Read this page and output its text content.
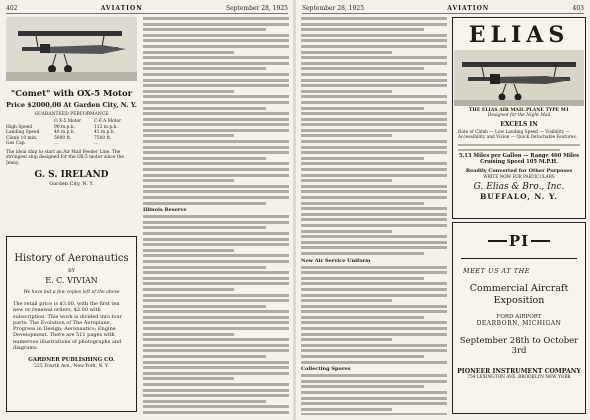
402	AVIATION	September 28, 1925
"Comet" with OX-5 Motor
Price $2000.00 At Garden City, N. Y.
GUARANTEED PERFORMANCE
O X-5 Motor	C-6 A Motor
High Speed	90 m.p.h.	112 m.p.h.
Landing Speed	40 m.p.h.	41 m.p.h.
Climb 10 min.	5000 ft.	7500 ft.
Gas Cap.	...	...
The ideal ship to start an Air Mail Feeder Line. The strongest ship designed for the OX-5 motor since the Jenny.
G. S. IRELAND
Garden City, N. Y.
History of Aeronautics
BY
E. C. VIVIAN
We have but a few copies left of the above
The retail price is $3.00, with the first ten new or renewal orders, $2.00 with subscription. This work is divided into four parts: The Evolution of The Aeroplane, Progress in Design; Aeronautics; Engine Development. There are 511 pages with numerous illustrations of photographs and diagrams.
GARDNER PUBLISHING CO.
225 Fourth Ave., New York, N. Y.
Illinois Reserve
September 28, 1925	AVIATION	403
New Air Service Uniform
Collecting Spores
ELIAS
THE ELIAS AIR MAIL PLANE TYPE M1
Designed for the Night Mail
EXCELS IN
Rate of Climb — Low Landing Speed — Visibility — Accessibility and Vision — Quick Detachable Features.
5.13 Miles per Gallon — Range 460 Miles
Cruising Speed 105 M.P.H.
Readily Converted for Other Purposes
WRITE NOW FOR PARTICULARS
G. Elias & Bro., Inc.
BUFFALO, N. Y.
PI
MEET US AT THE
Commercial Aircraft Exposition
FORD AIRPORT
DEARBORN, MICHIGAN
September 28th to October 3rd
PIONEER INSTRUMENT COMPANY
754 LEXINGTON AVE. BROOKLYN NEW YORK
